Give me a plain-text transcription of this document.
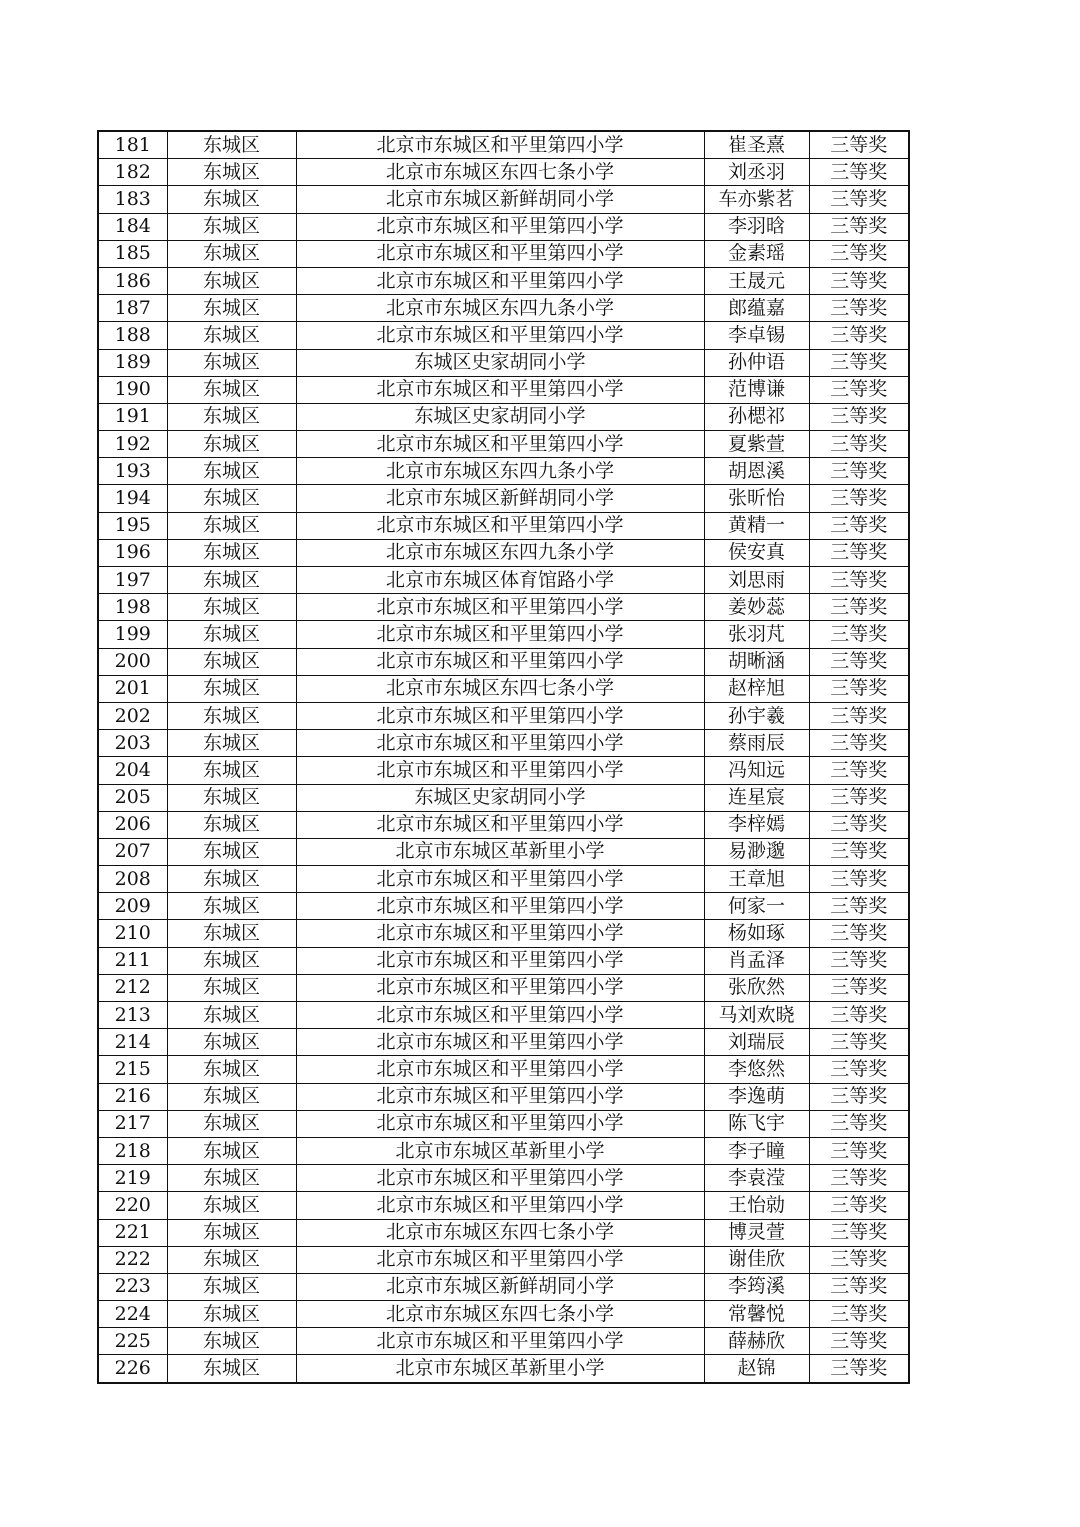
181	东城区	北京市东城区和平里第四小学	崔圣熹	三等奖
182	东城区	北京市东城区东四七条小学	刘丞羽	三等奖
183	东城区	北京市东城区新鲜胡同小学	车亦紫茗	三等奖
184	东城区	北京市东城区和平里第四小学	李羽晗	三等奖
185	东城区	北京市东城区和平里第四小学	金素瑶	三等奖
186	东城区	北京市东城区和平里第四小学	王晟元	三等奖
187	东城区	北京市东城区东四九条小学	郎蕴嘉	三等奖
188	东城区	北京市东城区和平里第四小学	李卓锡	三等奖
189	东城区	东城区史家胡同小学	孙仲语	三等奖
190	东城区	北京市东城区和平里第四小学	范博谦	三等奖
191	东城区	东城区史家胡同小学	孙楒祁	三等奖
192	东城区	北京市东城区和平里第四小学	夏紫萱	三等奖
193	东城区	北京市东城区东四九条小学	胡恩溪	三等奖
194	东城区	北京市东城区新鲜胡同小学	张昕怡	三等奖
195	东城区	北京市东城区和平里第四小学	黄精一	三等奖
196	东城区	北京市东城区东四九条小学	侯安真	三等奖
197	东城区	北京市东城区体育馆路小学	刘思雨	三等奖
198	东城区	北京市东城区和平里第四小学	姜妙蕊	三等奖
199	东城区	北京市东城区和平里第四小学	张羽芃	三等奖
200	东城区	北京市东城区和平里第四小学	胡晰涵	三等奖
201	东城区	北京市东城区东四七条小学	赵梓旭	三等奖
202	东城区	北京市东城区和平里第四小学	孙宇羲	三等奖
203	东城区	北京市东城区和平里第四小学	蔡雨辰	三等奖
204	东城区	北京市东城区和平里第四小学	冯知远	三等奖
205	东城区	东城区史家胡同小学	连星宸	三等奖
206	东城区	北京市东城区和平里第四小学	李梓嫣	三等奖
207	东城区	北京市东城区革新里小学	易渺邈	三等奖
208	东城区	北京市东城区和平里第四小学	王章旭	三等奖
209	东城区	北京市东城区和平里第四小学	何家一	三等奖
210	东城区	北京市东城区和平里第四小学	杨如琢	三等奖
211	东城区	北京市东城区和平里第四小学	肖孟泽	三等奖
212	东城区	北京市东城区和平里第四小学	张欣然	三等奖
213	东城区	北京市东城区和平里第四小学	马刘欢晓	三等奖
214	东城区	北京市东城区和平里第四小学	刘瑞辰	三等奖
215	东城区	北京市东城区和平里第四小学	李悠然	三等奖
216	东城区	北京市东城区和平里第四小学	李逸萌	三等奖
217	东城区	北京市东城区和平里第四小学	陈飞宇	三等奖
218	东城区	北京市东城区革新里小学	李子瞳	三等奖
219	东城区	北京市东城区和平里第四小学	李袁滢	三等奖
220	东城区	北京市东城区和平里第四小学	王怡勍	三等奖
221	东城区	北京市东城区东四七条小学	博灵萱	三等奖
222	东城区	北京市东城区和平里第四小学	谢佳欣	三等奖
223	东城区	北京市东城区新鲜胡同小学	李筠溪	三等奖
224	东城区	北京市东城区东四七条小学	常馨悦	三等奖
225	东城区	北京市东城区和平里第四小学	薛赫欣	三等奖
226	东城区	北京市东城区革新里小学	赵锦	三等奖
